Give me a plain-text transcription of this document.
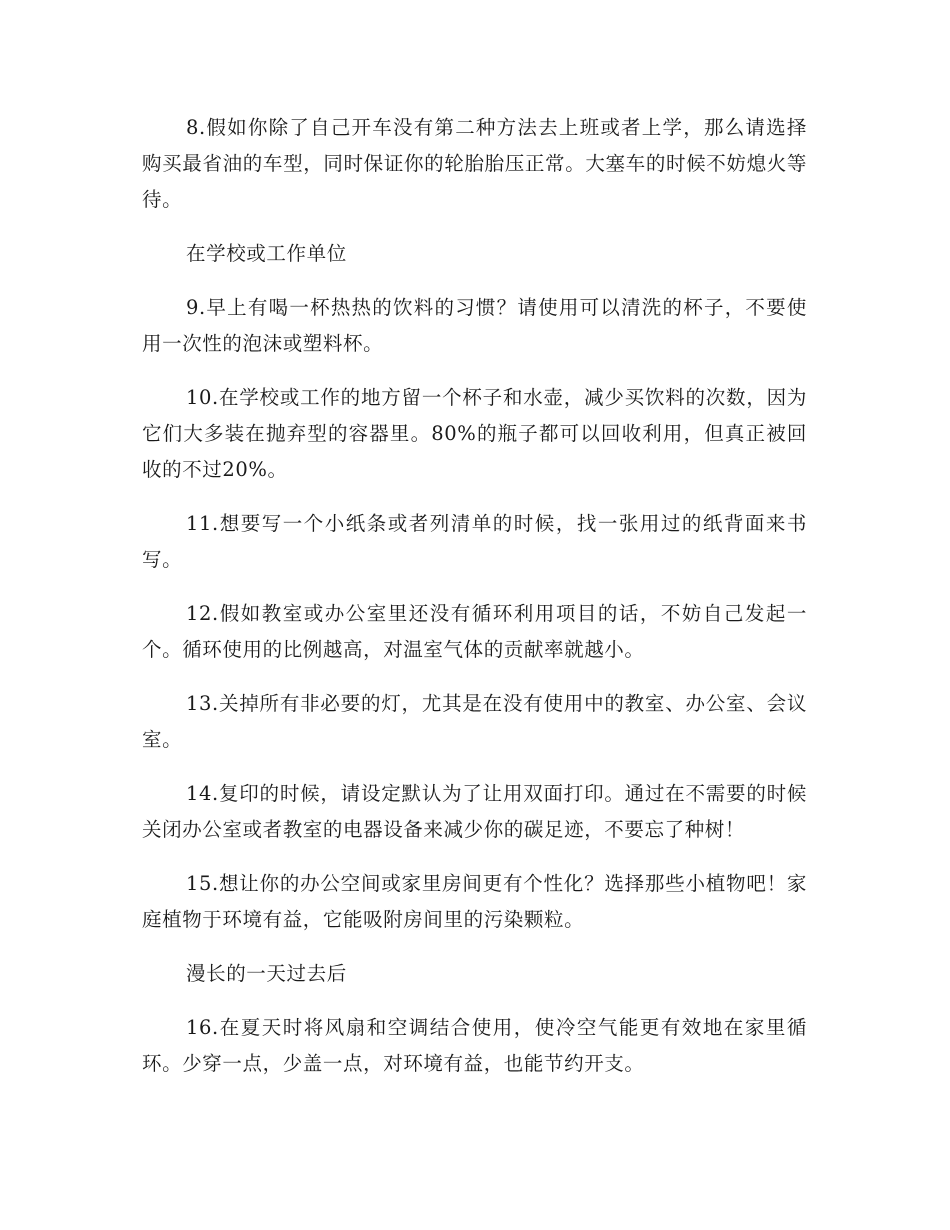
8.假如你除了自己开车没有第二种方法去上班或者上学，那么请选择购买最省油的车型，同时保证你的轮胎胎压正常。大塞车的时候不妨熄火等待。

在学校或工作单位

9.早上有喝一杯热热的饮料的习惯？请使用可以清洗的杯子，不要使用一次性的泡沫或塑料杯。

10.在学校或工作的地方留一个杯子和水壶，减少买饮料的次数，因为它们大多装在抛弃型的容器里。80%的瓶子都可以回收利用，但真正被回收的不过20%。

11.想要写一个小纸条或者列清单的时候，找一张用过的纸背面来书写。

12.假如教室或办公室里还没有循环利用项目的话，不妨自己发起一个。循环使用的比例越高，对温室气体的贡献率就越小。

13.关掉所有非必要的灯，尤其是在没有使用中的教室、办公室、会议室。

14.复印的时候，请设定默认为了让用双面打印。通过在不需要的时候关闭办公室或者教室的电器设备来减少你的碳足迹，不要忘了种树！

15.想让你的办公空间或家里房间更有个性化？选择那些小植物吧！家庭植物于环境有益，它能吸附房间里的污染颗粒。

漫长的一天过去后

16.在夏天时将风扇和空调结合使用，使冷空气能更有效地在家里循环。少穿一点，少盖一点，对环境有益，也能节约开支。
